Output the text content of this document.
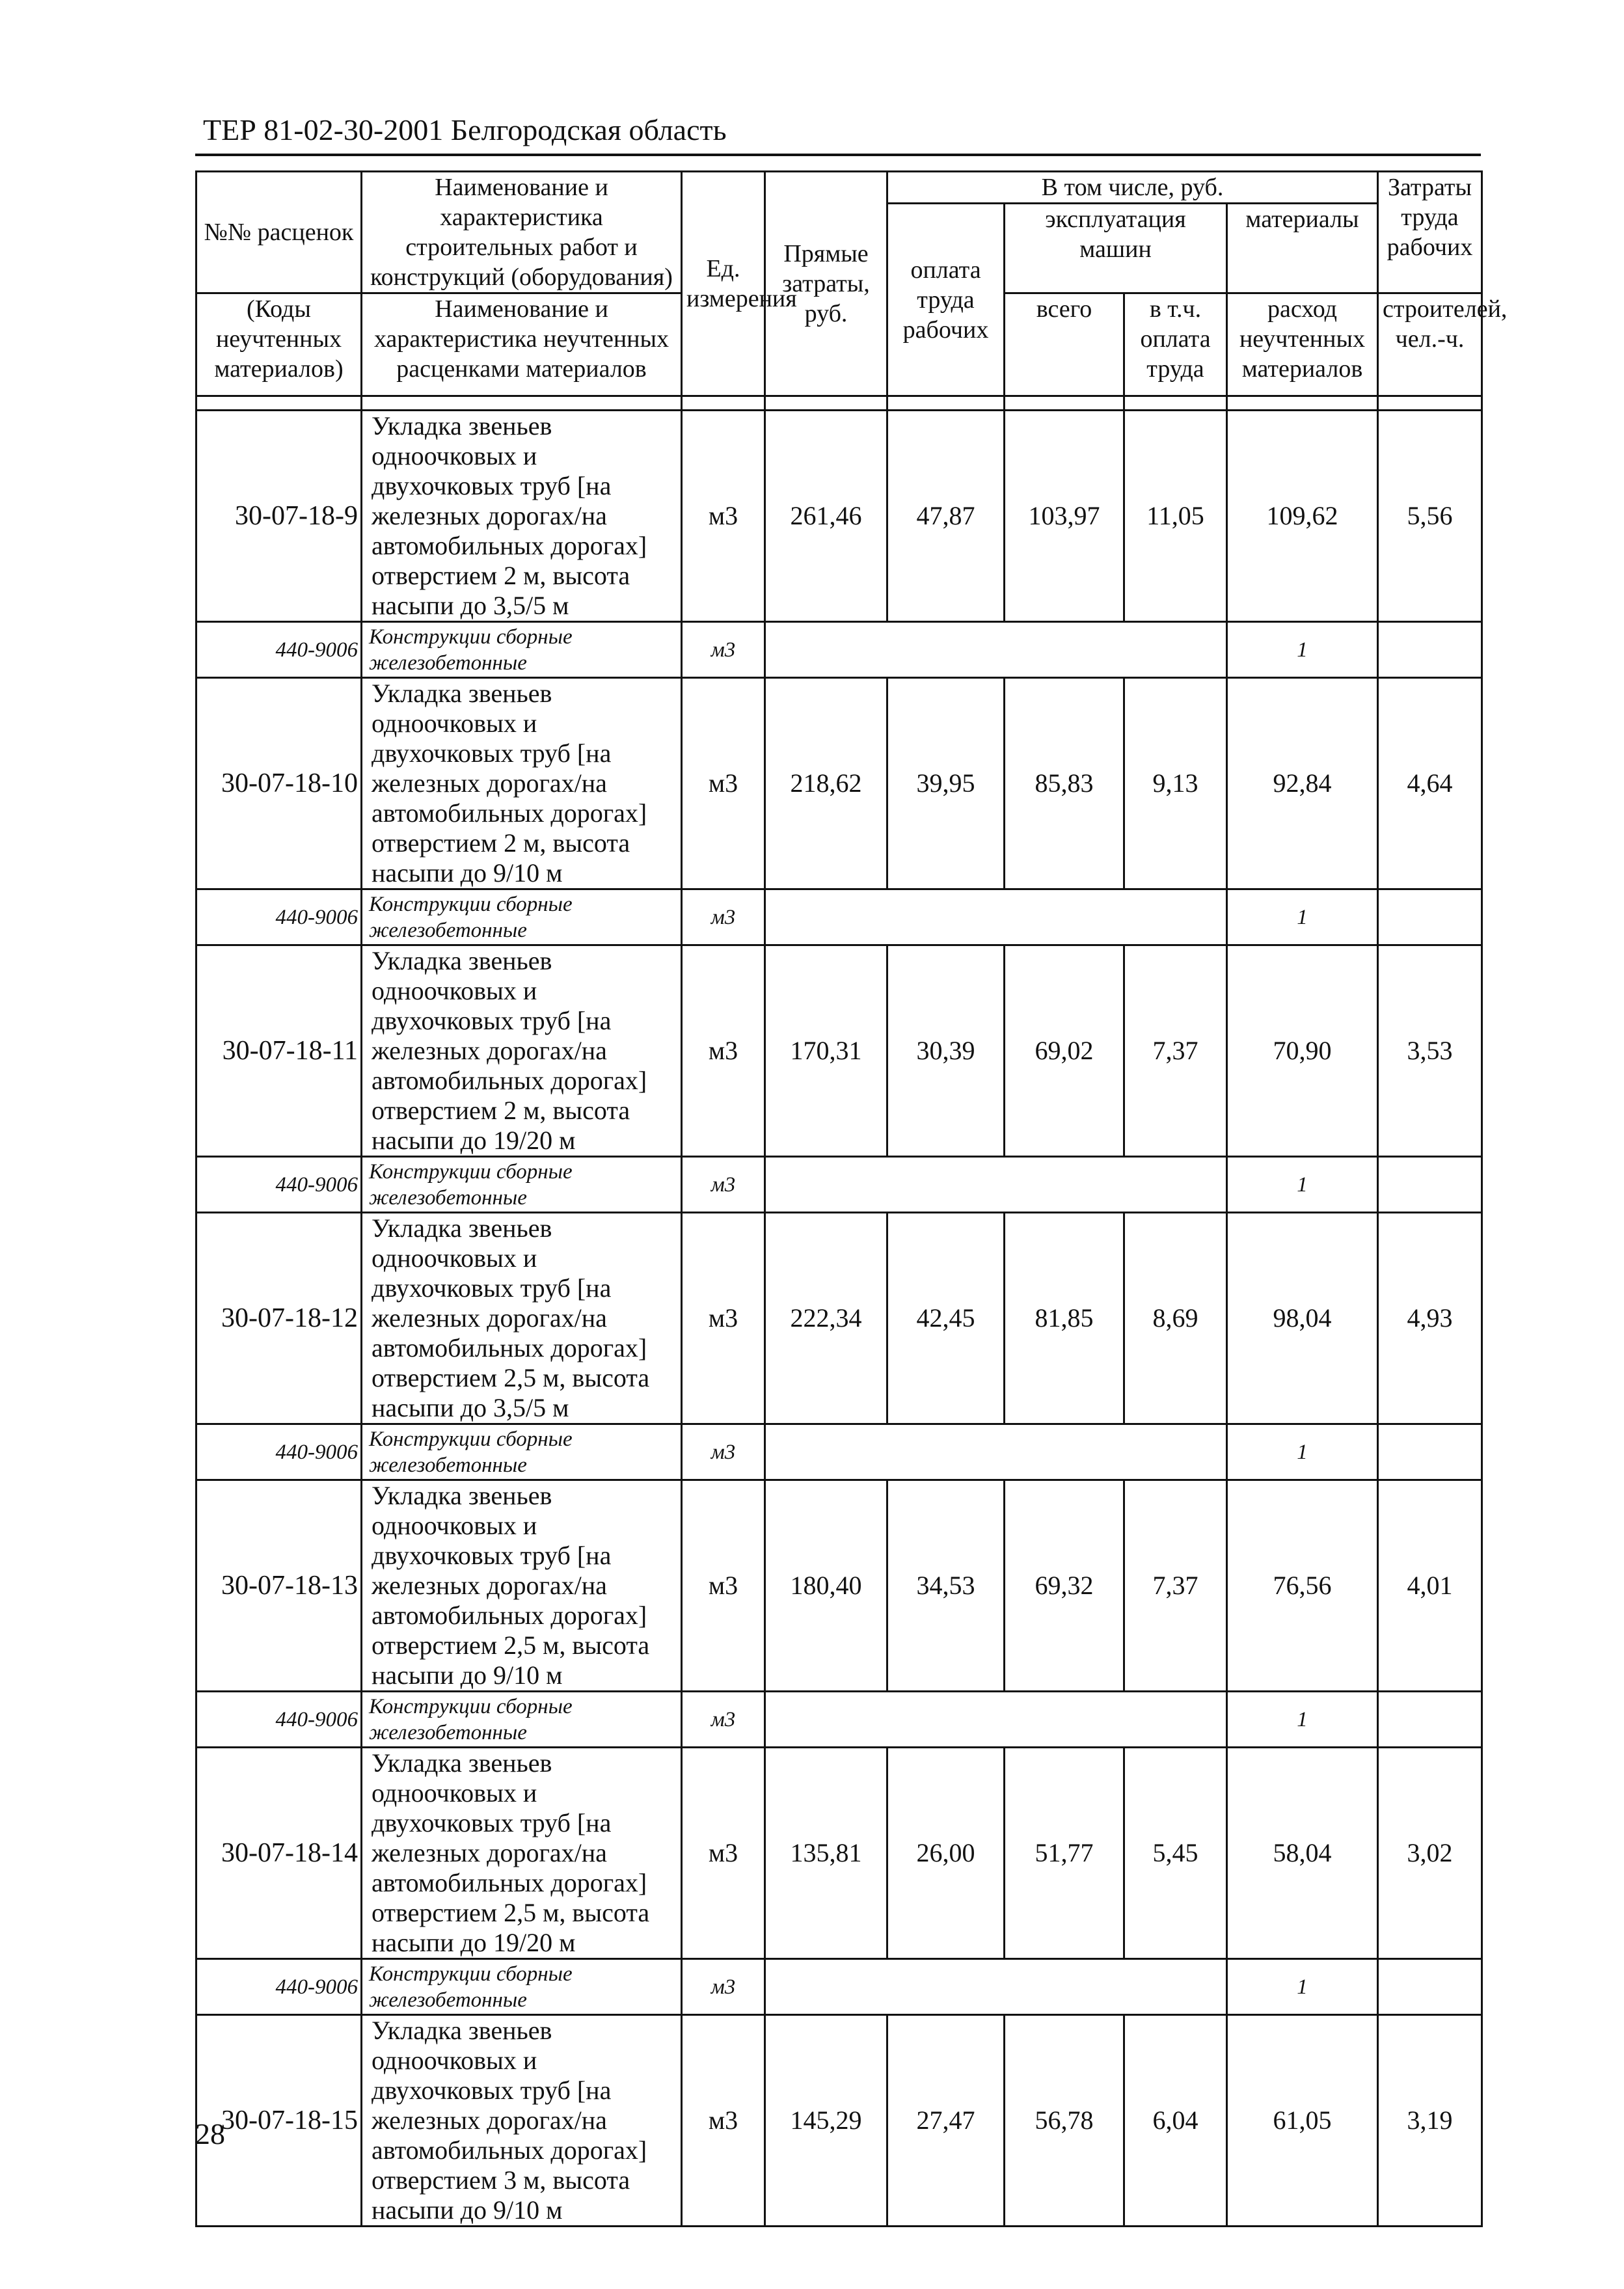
ТЕР 81-02-30-2001 Белгородская область
№№ расценок	Наименование и характеристика строительных работ и конструкций (оборудования)	Ед. измерения	Прямые затраты, руб.	В том числе, руб.				Затраты труда рабочих
				оплата труда рабочих	эксплуатация машин		материалы	
(Коды неучтенных материалов)	Наименование и характеристика неучтенных расценками материалов				всего	в т.ч. оплата труда	расход неучтенных материалов	строителей, чел.-ч.

30-07-18-9	Укладка звеньев одноочковых и двухочковых труб [на железных дорогах/на автомобильных дорогах] отверстием 2 м, высота насыпи до 3,5/5 м	м3	261,46	47,87	103,97	11,05	109,62	5,56
440-9006	Конструкции сборные железобетонные	м3					1	
30-07-18-10	Укладка звеньев одноочковых и двухочковых труб [на железных дорогах/на автомобильных дорогах] отверстием 2 м, высота насыпи до 9/10 м	м3	218,62	39,95	85,83	9,13	92,84	4,64
440-9006	Конструкции сборные железобетонные	м3					1	
30-07-18-11	Укладка звеньев одноочковых и двухочковых труб [на железных дорогах/на автомобильных дорогах] отверстием 2 м, высота насыпи до 19/20 м	м3	170,31	30,39	69,02	7,37	70,90	3,53
440-9006	Конструкции сборные железобетонные	м3					1	
30-07-18-12	Укладка звеньев одноочковых и двухочковых труб [на железных дорогах/на автомобильных дорогах] отверстием 2,5 м, высота насыпи до 3,5/5 м	м3	222,34	42,45	81,85	8,69	98,04	4,93
440-9006	Конструкции сборные железобетонные	м3					1	
30-07-18-13	Укладка звеньев одноочковых и двухочковых труб [на железных дорогах/на автомобильных дорогах] отверстием 2,5 м, высота насыпи до 9/10 м	м3	180,40	34,53	69,32	7,37	76,56	4,01
440-9006	Конструкции сборные железобетонные	м3					1	
30-07-18-14	Укладка звеньев одноочковых и двухочковых труб [на железных дорогах/на автомобильных дорогах] отверстием 2,5 м, высота насыпи до 19/20 м	м3	135,81	26,00	51,77	5,45	58,04	3,02
440-9006	Конструкции сборные железобетонные	м3					1	
30-07-18-15	Укладка звеньев одноочковых и двухочковых труб [на железных дорогах/на автомобильных дорогах] отверстием 3 м, высота насыпи до 9/10 м	м3	145,29	27,47	56,78	6,04	61,05	3,19
28
